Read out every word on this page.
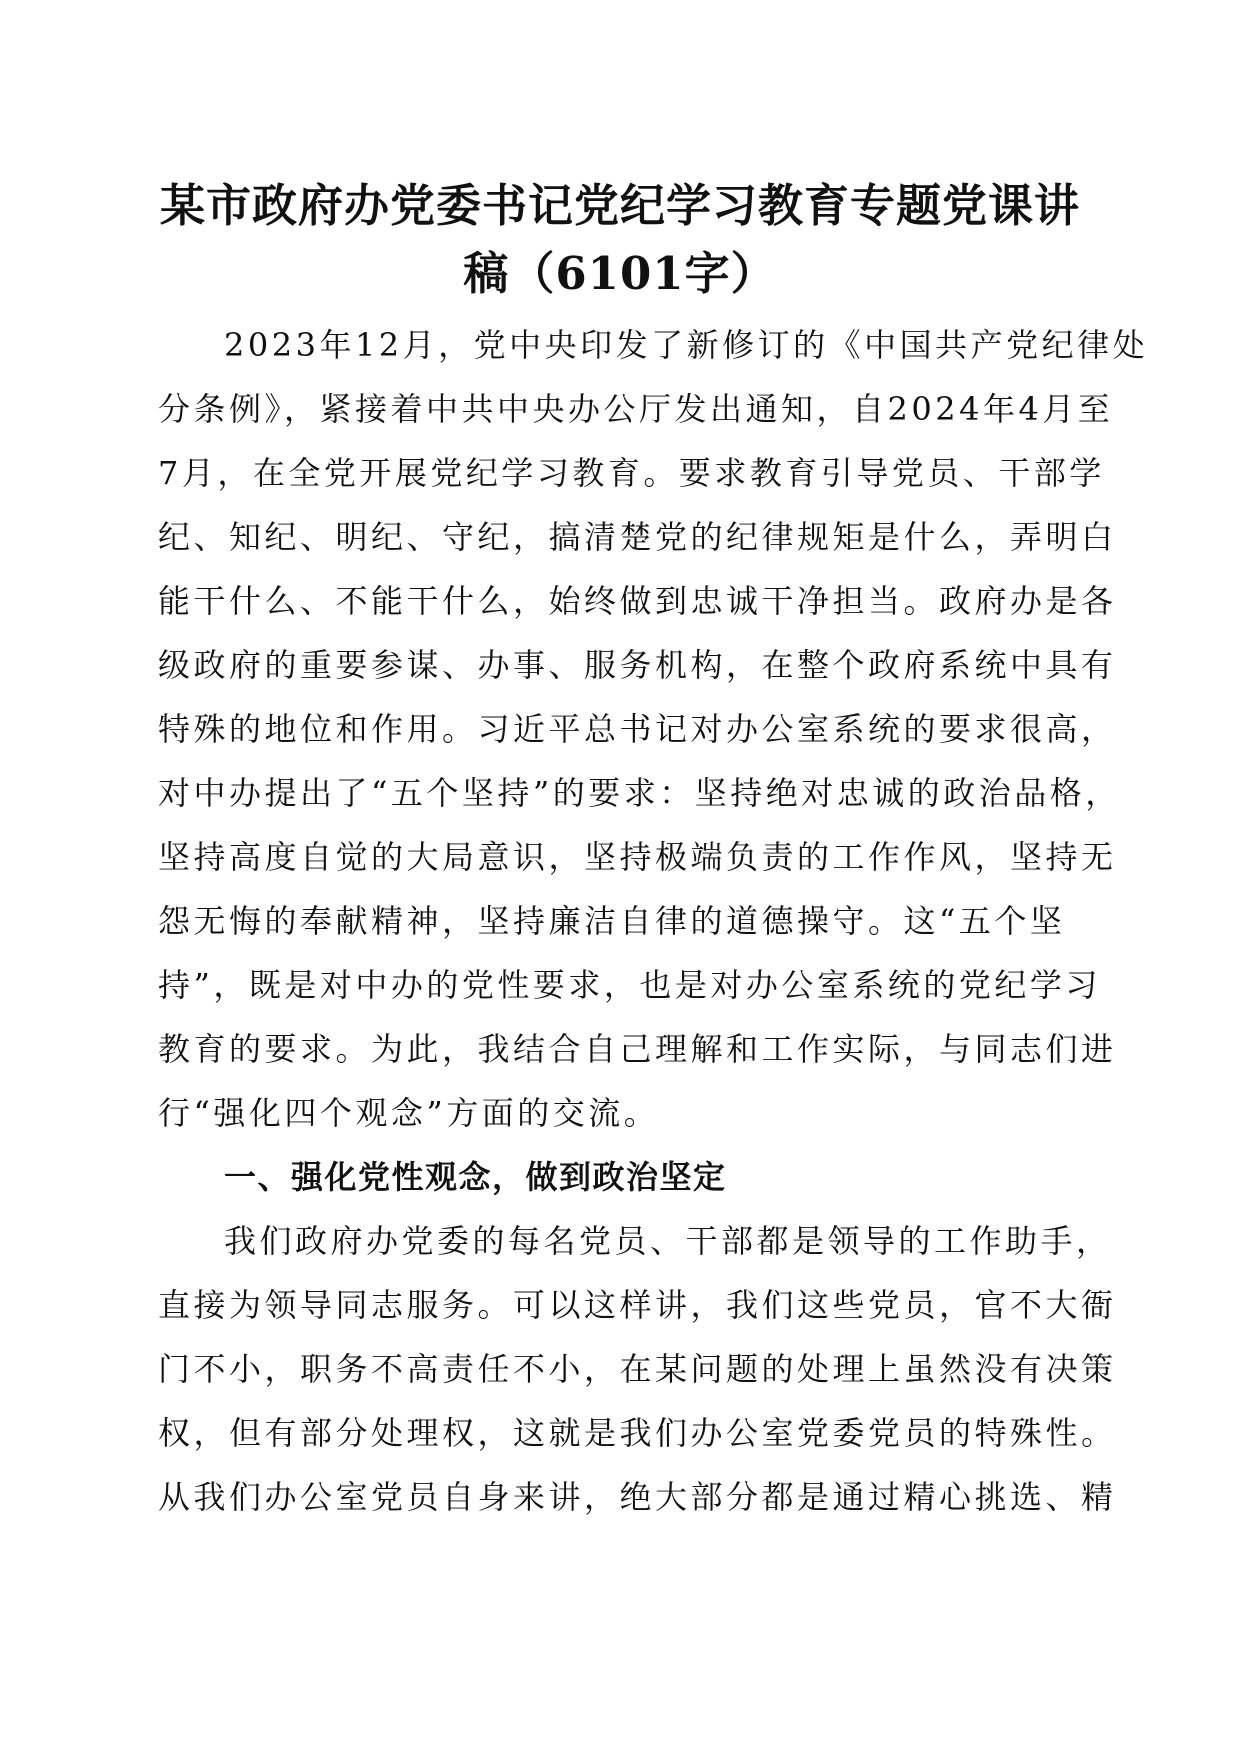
某市政府办党委书记党纪学习教育专题党课讲
稿（6101字）
2023年12月，党中央印发了新修订的《中国共产党纪律处
分条例》，紧接着中共中央办公厅发出通知，自2024年4月至
7月，在全党开展党纪学习教育。要求教育引导党员、干部学
纪、知纪、明纪、守纪，搞清楚党的纪律规矩是什么，弄明白
能干什么、不能干什么，始终做到忠诚干净担当。政府办是各
级政府的重要参谋、办事、服务机构，在整个政府系统中具有
特殊的地位和作用。习近平总书记对办公室系统的要求很高，
对中办提出了“五个坚持”的要求：坚持绝对忠诚的政治品格，
坚持高度自觉的大局意识，坚持极端负责的工作作风，坚持无
怨无悔的奉献精神，坚持廉洁自律的道德操守。这“五个坚
持”，既是对中办的党性要求，也是对办公室系统的党纪学习
教育的要求。为此，我结合自己理解和工作实际，与同志们进
行“强化四个观念”方面的交流。
一、强化党性观念，做到政治坚定
我们政府办党委的每名党员、干部都是领导的工作助手，
直接为领导同志服务。可以这样讲，我们这些党员，官不大衙
门不小，职务不高责任不小，在某问题的处理上虽然没有决策
权，但有部分处理权，这就是我们办公室党委党员的特殊性。
从我们办公室党员自身来讲，绝大部分都是通过精心挑选、精
